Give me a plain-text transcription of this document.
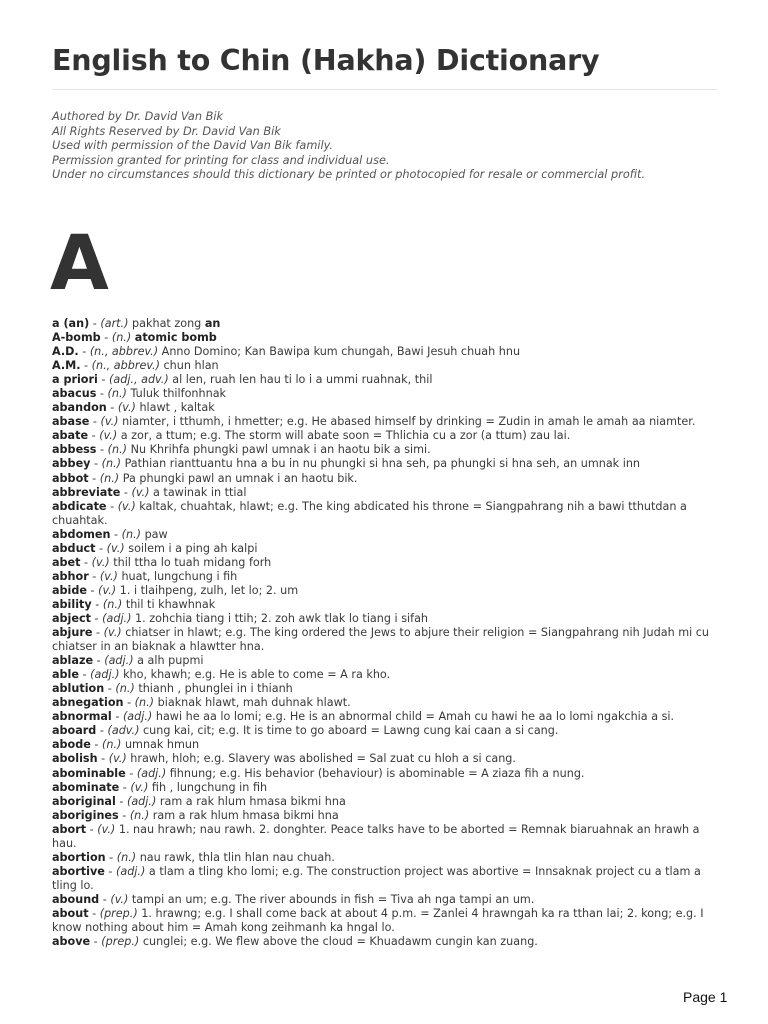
English to Chin (Hakha) Dictionary
Authored by Dr. David Van Bik
All Rights Reserved by Dr. David Van Bik
Used with permission of the David Van Bik family.
Permission granted for printing for class and individual use.
Under no circumstances should this dictionary be printed or photocopied for resale or commercial profit.
A
a (an) - (art.) pakhat zong an
A-bomb - (n.) atomic bomb
A.D. - (n., abbrev.) Anno Domino; Kan Bawipa kum chungah, Bawi Jesuh chuah hnu
A.M. - (n., abbrev.) chun hlan
a priori - (adj., adv.) al len, ruah len hau ti lo i a ummi ruahnak, thil
abacus - (n.) Tuluk thilfonhnak
abandon - (v.) hlawt , kaltak
abase - (v.) niamter, i tthumh, i hmetter; e.g. He abased himself by drinking = Zudin in amah le amah aa niamter.
abate - (v.) a zor, a ttum; e.g. The storm will abate soon = Thlichia cu a zor (a ttum) zau lai.
abbess - (n.) Nu Khrihfa phungki pawl umnak i an haotu bik a simi.
abbey - (n.) Pathian rianttuantu hna a bu in nu phungki si hna seh, pa phungki si hna seh, an umnak inn
abbot - (n.) Pa phungki pawl an umnak i an haotu bik.
abbreviate - (v.) a tawinak in ttial
abdicate - (v.) kaltak, chuahtak, hlawt; e.g. The king abdicated his throne = Siangpahrang nih a bawi tthutdan a chuahtak.
abdomen - (n.) paw
abduct - (v.) soilem i a ping ah kalpi
abet - (v.) thil ttha lo tuah midang forh
abhor - (v.) huat, lungchung i fih
abide - (v.) 1. i tlaihpeng, zulh, let lo; 2. um
ability - (n.) thil ti khawhnak
abject - (adj.) 1. zohchia tiang i ttih; 2. zoh awk tlak lo tiang i sifah
abjure - (v.) chiatser in hlawt; e.g. The king ordered the Jews to abjure their religion = Siangpahrang nih Judah mi cu chiatser in an biaknak a hlawtter hna.
ablaze - (adj.) a alh pupmi
able - (adj.) kho, khawh; e.g. He is able to come = A ra kho.
ablution - (n.) thianh , phunglei in i thianh
abnegation - (n.) biaknak hlawt, mah duhnak hlawt.
abnormal - (adj.) hawi he aa lo lomi; e.g. He is an abnormal child = Amah cu hawi he aa lo lomi ngakchia a si.
aboard - (adv.) cung kai, cit; e.g. It is time to go aboard = Lawng cung kai caan a si cang.
abode - (n.) umnak hmun
abolish - (v.) hrawh, hloh; e.g. Slavery was abolished = Sal zuat cu hloh a si cang.
abominable - (adj.) fihnung; e.g. His behavior (behaviour) is abominable = A ziaza fih a nung.
abominate - (v.) fih , lungchung in fih
aboriginal - (adj.) ram a rak hlum hmasa bikmi hna
aborigines - (n.) ram a rak hlum hmasa bikmi hna
abort - (v.) 1. nau hrawh; nau rawh. 2. donghter. Peace talks have to be aborted = Remnak biaruahnak an hrawh a hau.
abortion - (n.) nau rawk, thla tlin hlan nau chuah.
abortive - (adj.) a tlam a tling kho lomi; e.g. The construction project was abortive = Innsaknak project cu a tlam a tling lo.
abound - (v.) tampi an um; e.g. The river abounds in fish = Tiva ah nga tampi an um.
about - (prep.) 1. hrawng; e.g. I shall come back at about 4 p.m. = Zanlei 4 hrawngah ka ra tthan lai; 2. kong; e.g. I know nothing about him = Amah kong zeihmanh ka hngal lo.
above - (prep.) cunglei; e.g. We flew above the cloud = Khuadawm cungin kan zuang.
Page 1
